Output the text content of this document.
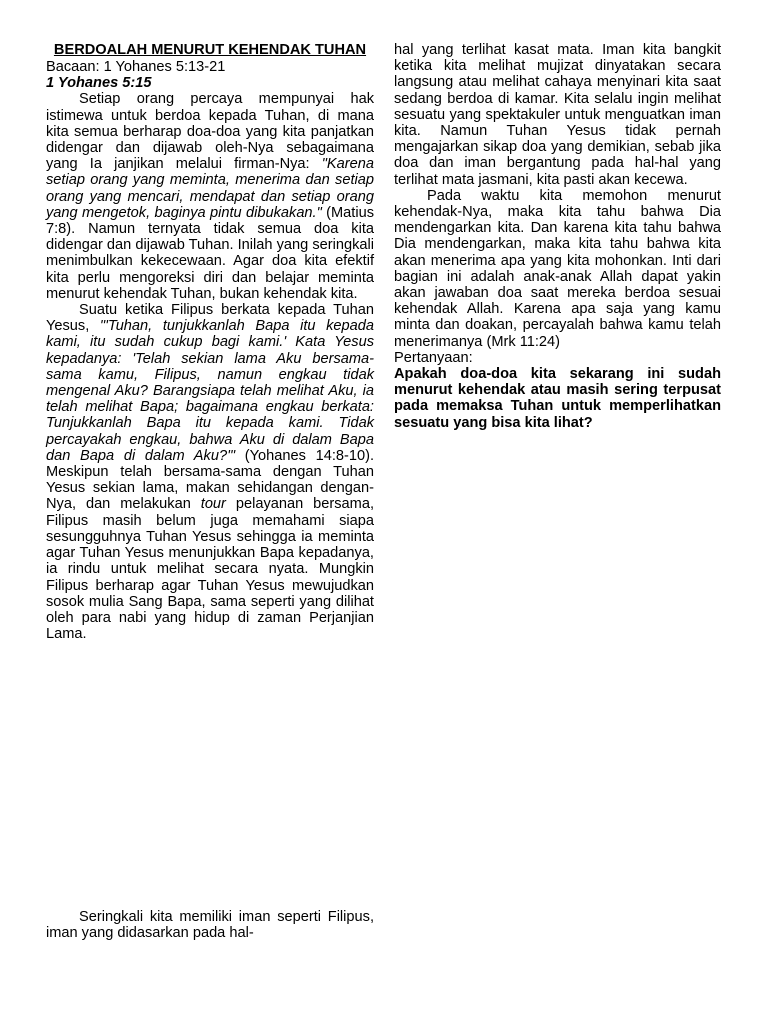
BERDOALAH MENURUT KEHENDAK TUHAN
Bacaan: 1 Yohanes 5:13-21
1 Yohanes 5:15

Setiap orang percaya mempunyai hak istimewa untuk berdoa kepada Tuhan, di mana kita semua berharap doa-doa yang kita panjatkan didengar dan dijawab oleh-Nya sebagaimana yang Ia janjikan melalui firman-Nya: "Karena setiap orang yang meminta, menerima dan setiap orang yang mencari, mendapat dan setiap orang yang mengetok, baginya pintu dibukakan." (Matius 7:8). Namun ternyata tidak semua doa kita didengar dan dijawab Tuhan. Inilah yang seringkali menimbulkan kekecewaan. Agar doa kita efektif kita perlu mengoreksi diri dan belajar meminta menurut kehendak Tuhan, bukan kehendak kita.

Suatu ketika Filipus berkata kepada Tuhan Yesus, "'Tuhan, tunjukkanlah Bapa itu kepada kami, itu sudah cukup bagi kami.' Kata Yesus kepadanya: 'Telah sekian lama Aku bersama-sama kamu, Filipus, namun engkau tidak mengenal Aku? Barangsiapa telah melihat Aku, ia telah melihat Bapa; bagaimana engkau berkata: Tunjukkanlah Bapa itu kepada kami. Tidak percayakah engkau, bahwa Aku di dalam Bapa dan Bapa di dalam Aku?'" (Yohanes 14:8-10). Meskipun telah bersama-sama dengan Tuhan Yesus sekian lama, makan sehidangan dengan-Nya, dan melakukan tour pelayanan bersama, Filipus masih belum juga memahami siapa sesungguhnya Tuhan Yesus sehingga ia meminta agar Tuhan Yesus menunjukkan Bapa kepadanya, ia rindu untuk melihat secara nyata. Mungkin Filipus berharap agar Tuhan Yesus mewujudkan sosok mulia Sang Bapa, sama seperti yang dilihat oleh para nabi yang hidup di zaman Perjanjian Lama.

Seringkali kita memiliki iman seperti Filipus, iman yang didasarkan pada hal-

hal yang terlihat kasat mata. Iman kita bangkit ketika kita melihat mujizat dinyatakan secara langsung atau melihat cahaya menyinari kita saat sedang berdoa di kamar. Kita selalu ingin melihat sesuatu yang spektakuler untuk menguatkan iman kita. Namun Tuhan Yesus tidak pernah mengajarkan sikap doa yang demikian, sebab jika doa dan iman bergantung pada hal-hal yang terlihat mata jasmani, kita pasti akan kecewa.

Pada waktu kita memohon menurut kehendak-Nya, maka kita tahu bahwa Dia mendengarkan kita. Dan karena kita tahu bahwa Dia mendengarkan, maka kita tahu bahwa kita akan menerima apa yang kita mohonkan. Inti dari bagian ini adalah anak-anak Allah dapat yakin akan jawaban doa saat mereka berdoa sesuai kehendak Allah. Karena apa saja yang kamu minta dan doakan, percayalah bahwa kamu telah menerimanya (Mrk 11:24)

Pertanyaan:
Apakah doa-doa kita sekarang ini sudah menurut kehendak atau masih sering terpusat pada memaksa Tuhan untuk memperlihatkan sesuatu yang bisa kita lihat?
